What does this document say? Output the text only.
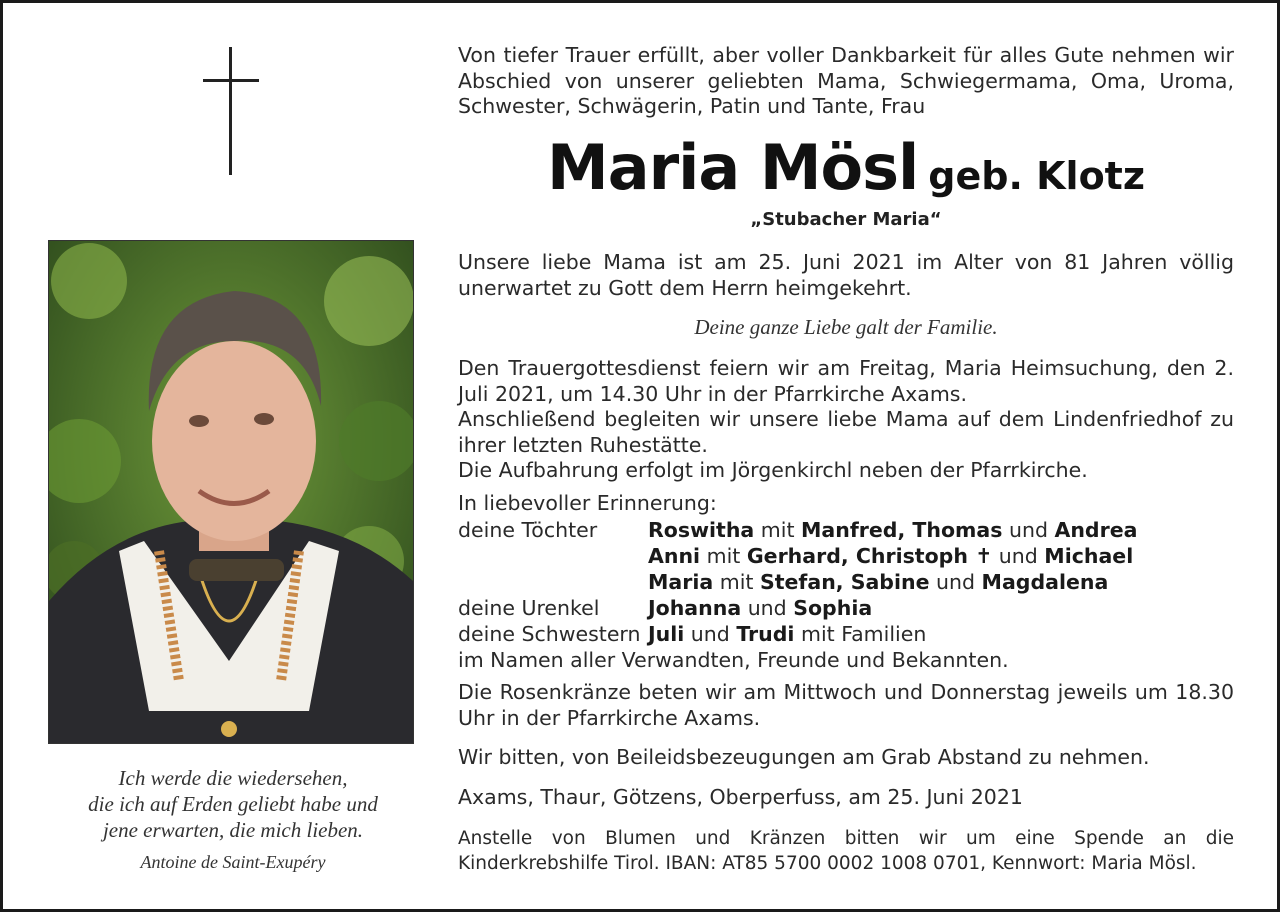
Ich werde die wiedersehen,
die ich auf Erden geliebt habe und
jene erwarten, die mich lieben.
Antoine de Saint-Exupéry

Von tiefer Trauer erfüllt, aber voller Dankbarkeit für alles Gute nehmen wir Abschied von unserer geliebten Mama, Schwiegermama, Oma, Uroma, Schwester, Schwägerin, Patin und Tante, Frau

Maria Mösl geb. Klotz
„Stubacher Maria“

Unsere liebe Mama ist am 25. Juni 2021 im Alter von 81 Jahren völlig unerwartet zu Gott dem Herrn heimgekehrt.

Deine ganze Liebe galt der Familie.
Den Trauergottesdienst feiern wir am Freitag, Maria Heimsuchung, den 2. Juli 2021, um 14.30 Uhr in der Pfarrkirche Axams.
Anschließend begleiten wir unsere liebe Mama auf dem Lindenfriedhof zu ihrer letzten Ruhestätte.
Die Aufbahrung erfolgt im Jörgenkirchl neben der Pfarrkirche.

In liebevoller Erinnerung:

deine Töchter	Roswitha mit Manfred, Thomas und Andrea
Anni mit Gerhard, Christoph ✝ und Michael
Maria mit Stefan, Sabine und Magdalena
deine Urenkel	Johanna und Sophia
deine Schwestern Juli und Trudi mit Familien
im Namen aller Verwandten, Freunde und Bekannten.

Die Rosenkränze beten wir am Mittwoch und Donnerstag jeweils um 18.30 Uhr in der Pfarrkirche Axams.

Wir bitten, von Beileidsbezeugungen am Grab Abstand zu nehmen.

Axams, Thaur, Götzens, Oberperfuss, am 25. Juni 2021

Anstelle von Blumen und Kränzen bitten wir um eine Spende an die Kinderkrebshilfe Tirol. IBAN: AT85 5700 0002 1008 0701, Kennwort: Maria Mösl.
